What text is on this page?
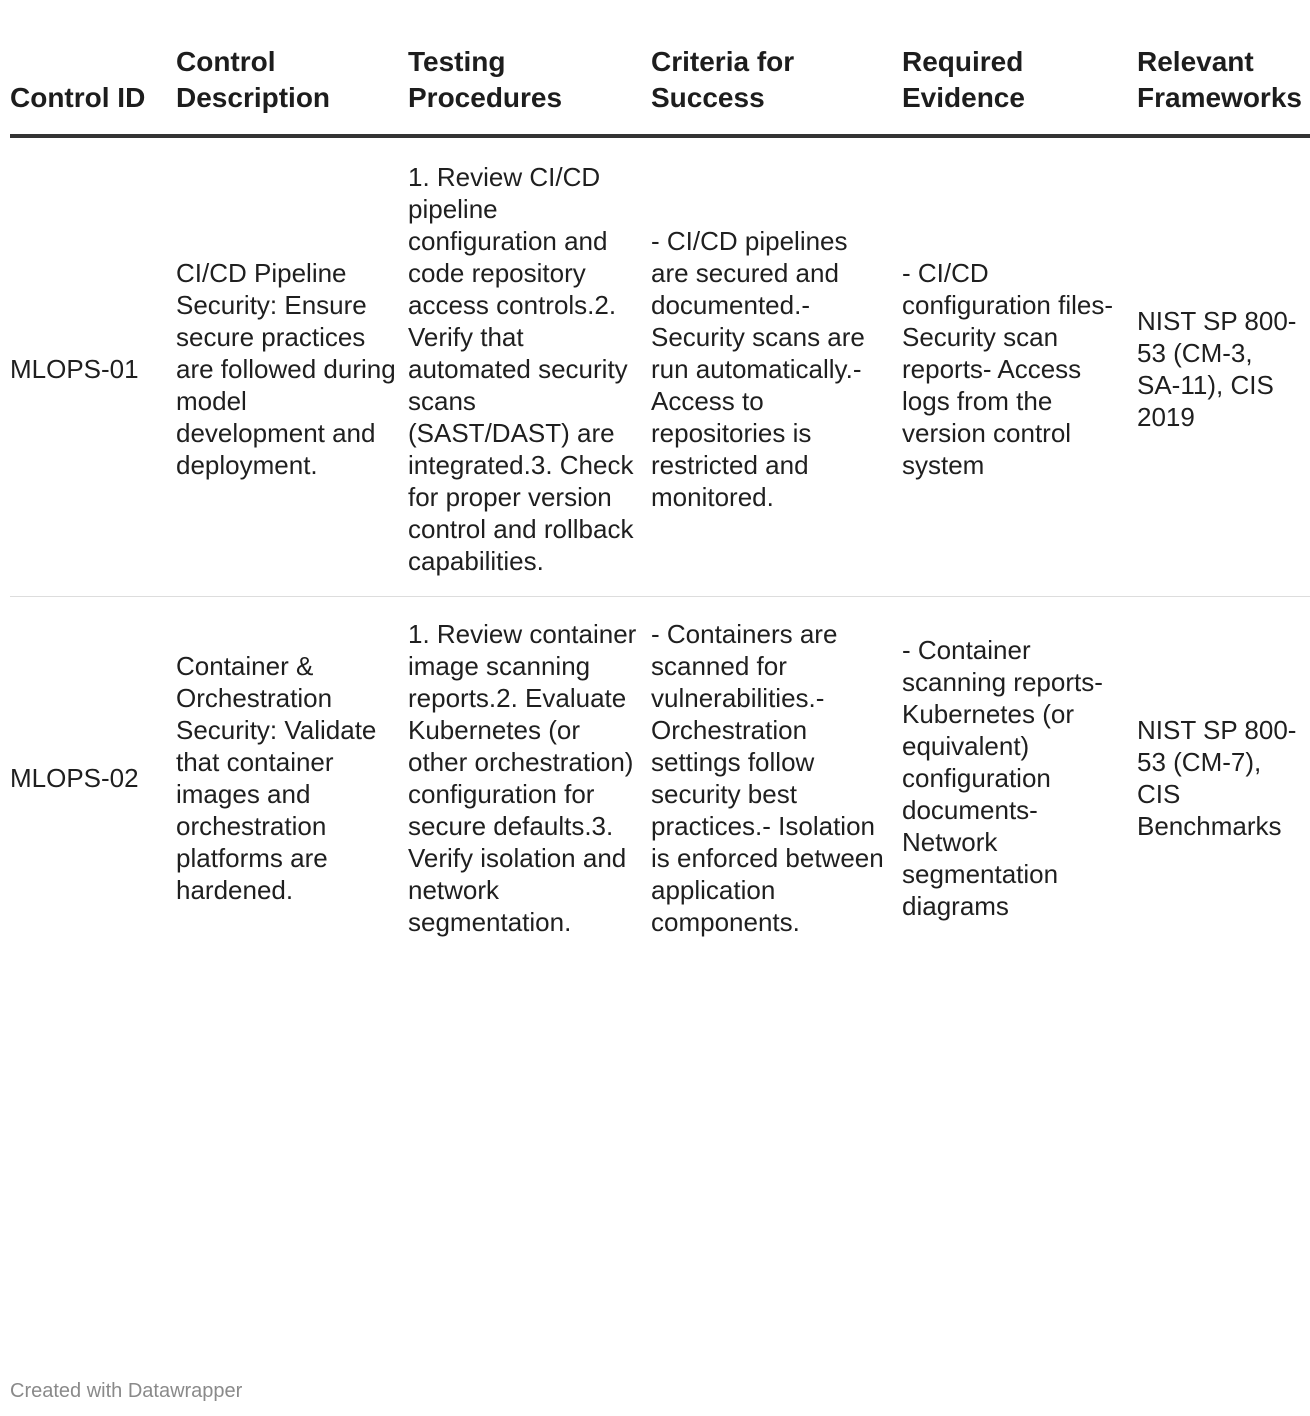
Control ID	Control Description	Testing Procedures	Criteria for Success	Required Evidence	Relevant Frameworks
MLOPS-01	CI/CD Pipeline Security: Ensure secure practices are followed during model development and deployment.	1. Review CI/CD pipeline configuration and code repository access controls.2. Verify that automated security scans (SAST/DAST) are integrated.3. Check for proper version control and rollback capabilities.	- CI/CD pipelines are secured and documented.- Security scans are run automatically.- Access to repositories is restricted and monitored.	- CI/CD configuration files- Security scan reports- Access logs from the version control system	NIST SP 800-53 (CM-3, SA-11), CIS 2019
MLOPS-02	Container & Orchestration Security: Validate that container images and orchestration platforms are hardened.	1. Review container image scanning reports.2. Evaluate Kubernetes (or other orchestration) configuration for secure defaults.3. Verify isolation and network segmentation.	- Containers are scanned for vulnerabilities.- Orchestration settings follow security best practices.- Isolation is enforced between application components.	- Container scanning reports- Kubernetes (or equivalent) configuration documents- Network segmentation diagrams	NIST SP 800-53 (CM-7), CIS Benchmarks
Created with Datawrapper
